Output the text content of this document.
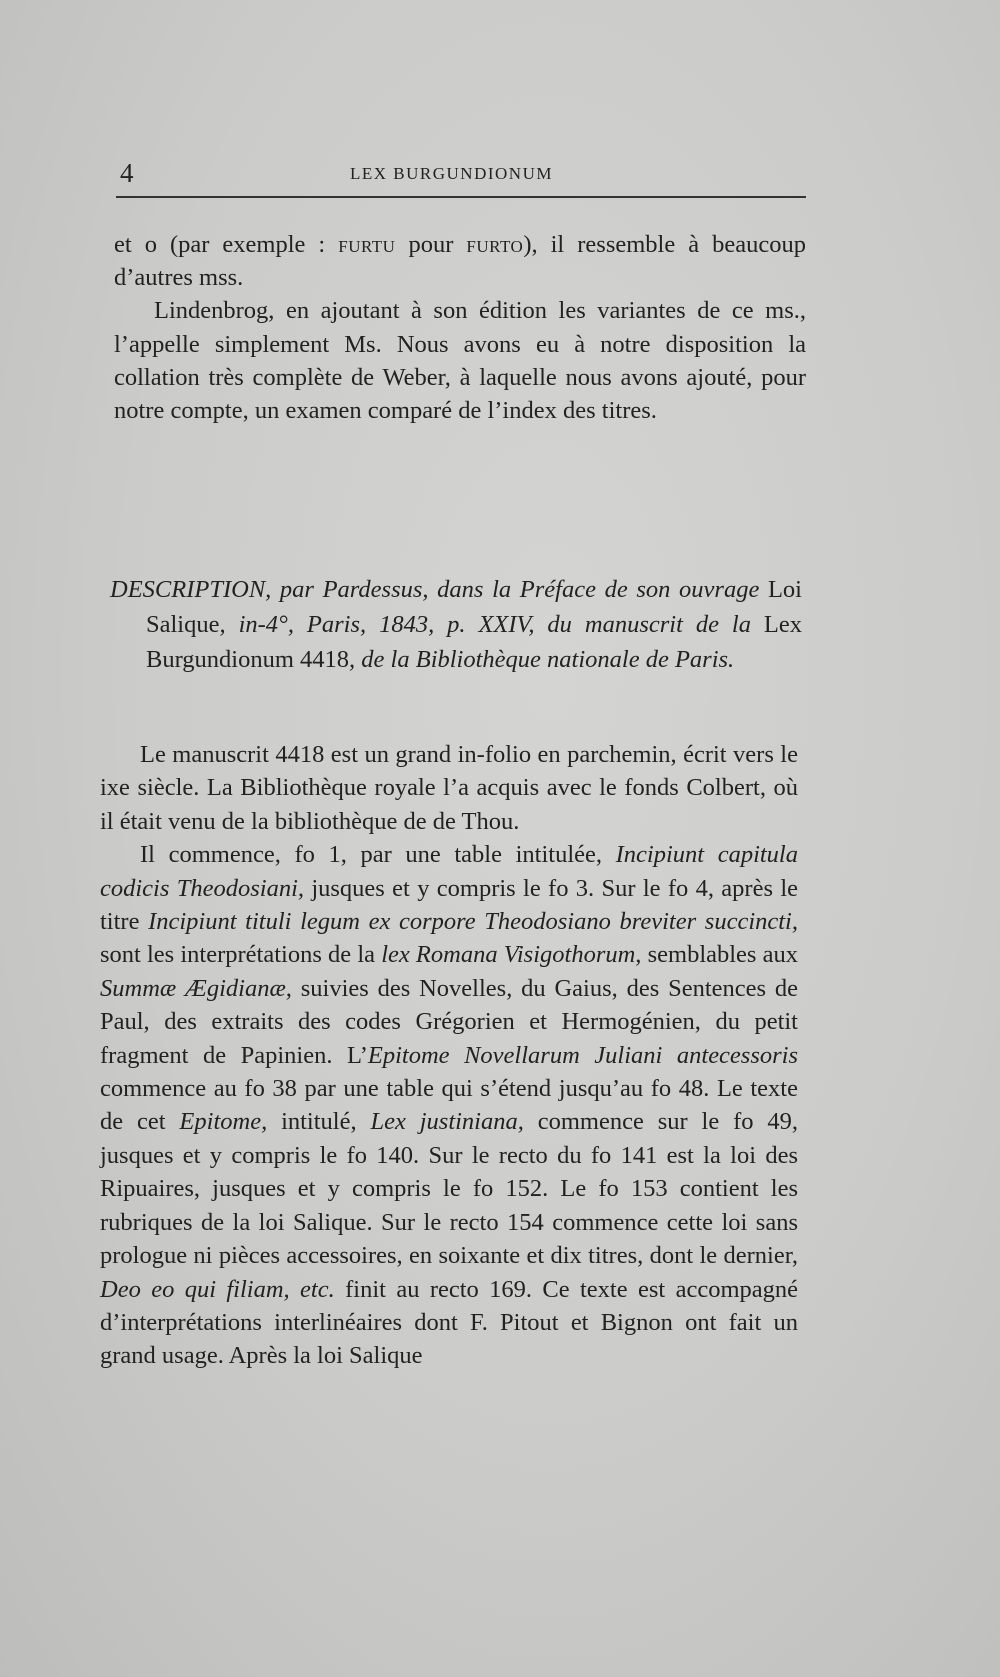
4	LEX BURGUNDIONUM

et o (par exemple : furtu pour furto), il ressemble à beaucoup d’autres mss.

Lindenbrog, en ajoutant à son édition les variantes de ce ms., l’appelle simplement Ms. Nous avons eu à notre disposition la collation très complète de Weber, à laquelle nous avons ajouté, pour notre compte, un examen comparé de l’index des titres.

DESCRIPTION, par Pardessus, dans la Préface de son ouvrage Loi Salique, in-4°, Paris, 1843, p. XXIV, du manuscrit de la Lex Burgundionum 4418, de la Bibliothèque nationale de Paris.

Le manuscrit 4418 est un grand in-folio en parchemin, écrit vers le ixe siècle. La Bibliothèque royale l’a acquis avec le fonds Colbert, où il était venu de la bibliothèque de de Thou.

Il commence, fo 1, par une table intitulée, Incipiunt capitula codicis Theodosiani, jusques et y compris le fo 3. Sur le fo 4, après le titre Incipiunt tituli legum ex corpore Theodosiano breviter succincti, sont les interprétations de la lex Romana Visigothorum, semblables aux Summæ Ægidianæ, suivies des Novelles, du Gaius, des Sentences de Paul, des extraits des codes Grégorien et Hermogénien, du petit fragment de Papinien. L’Epitome Novellarum Juliani antecessoris commence au fo 38 par une table qui s’étend jusqu’au fo 48. Le texte de cet Epitome, intitulé, Lex justiniana, commence sur le fo 49, jusques et y compris le fo 140. Sur le recto du fo 141 est la loi des Ripuaires, jusques et y compris le fo 152. Le fo 153 contient les rubriques de la loi Salique. Sur le recto 154 commence cette loi sans prologue ni pièces accessoires, en soixante et dix titres, dont le dernier, Deo eo qui filiam, etc. finit au recto 169. Ce texte est accompagné d’interprétations interlinéaires dont F. Pitout et Bignon ont fait un grand usage. Après la loi Salique
